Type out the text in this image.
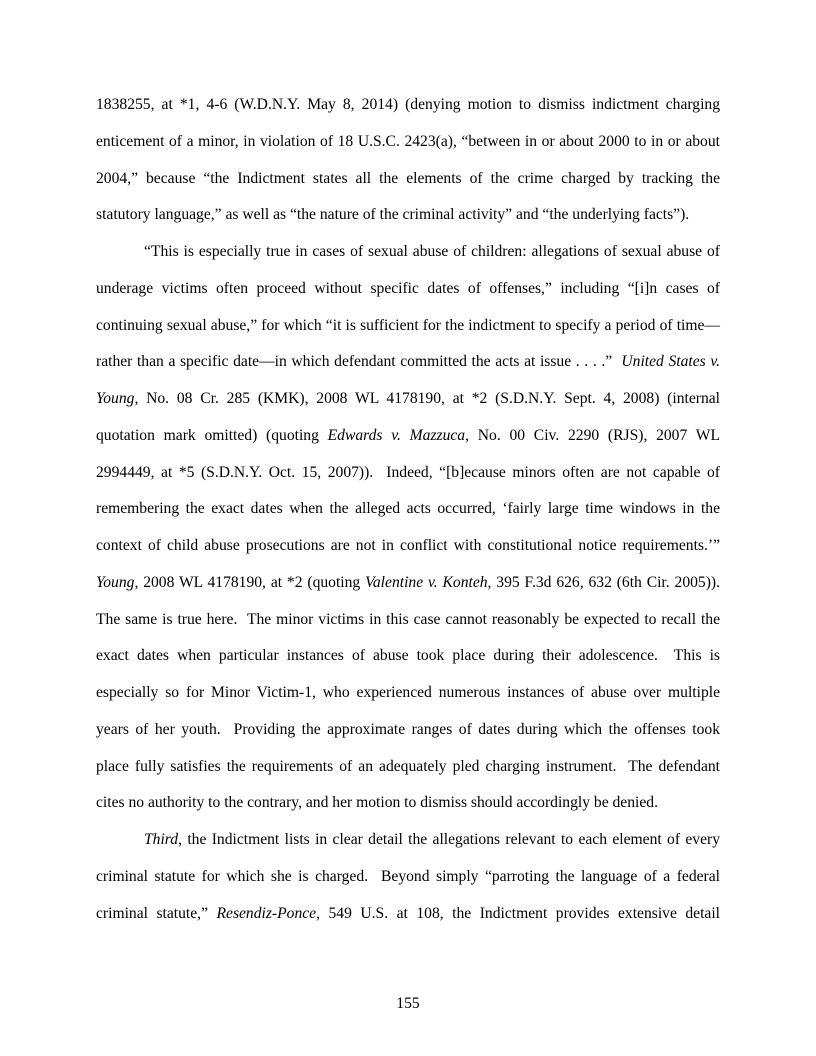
1838255, at *1, 4-6 (W.D.N.Y. May 8, 2014) (denying motion to dismiss indictment charging
enticement of a minor, in violation of 18 U.S.C. 2423(a), “between in or about 2000 to in or about
2004,” because “the Indictment states all the elements of the crime charged by tracking the
statutory language,” as well as “the nature of the criminal activity” and “the underlying facts”).
“This is especially true in cases of sexual abuse of children: allegations of sexual abuse of
underage victims often proceed without specific dates of offenses,” including “[i]n cases of
continuing sexual abuse,” for which “it is sufficient for the indictment to specify a period of time—
rather than a specific date—in which defendant committed the acts at issue . . . .”  United States v.
Young, No. 08 Cr. 285 (KMK), 2008 WL 4178190, at *2 (S.D.N.Y. Sept. 4, 2008) (internal
quotation mark omitted) (quoting Edwards v. Mazzuca, No. 00 Civ. 2290 (RJS), 2007 WL
2994449, at *5 (S.D.N.Y. Oct. 15, 2007)).  Indeed, “[b]ecause minors often are not capable of
remembering the exact dates when the alleged acts occurred, ‘fairly large time windows in the
context of child abuse prosecutions are not in conflict with constitutional notice requirements.’”
Young, 2008 WL 4178190, at *2 (quoting Valentine v. Konteh, 395 F.3d 626, 632 (6th Cir. 2005)).
The same is true here.  The minor victims in this case cannot reasonably be expected to recall the
exact dates when particular instances of abuse took place during their adolescence.  This is
especially so for Minor Victim-1, who experienced numerous instances of abuse over multiple
years of her youth.  Providing the approximate ranges of dates during which the offenses took
place fully satisfies the requirements of an adequately pled charging instrument.  The defendant
cites no authority to the contrary, and her motion to dismiss should accordingly be denied.
Third, the Indictment lists in clear detail the allegations relevant to each element of every
criminal statute for which she is charged.  Beyond simply “parroting the language of a federal
criminal statute,” Resendiz-Ponce, 549 U.S. at 108, the Indictment provides extensive detail
155
